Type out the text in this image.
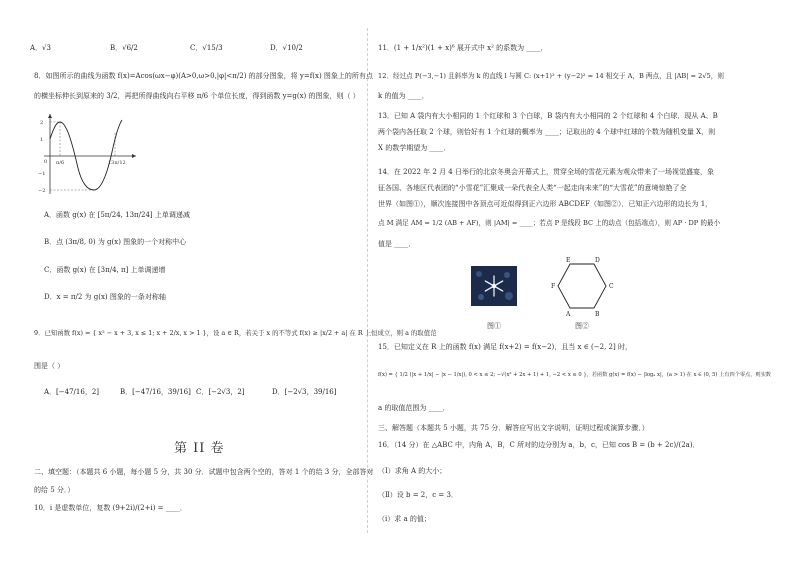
A．√3	B．√6/2	C．√15/3	D．√10/2
8．如图所示的曲线为函数 f(x)=Acos(ωx−φ)(A>0,ω>0,|φ|<π/2) 的部分图象，将 y=f(x) 图象上的所有点
的横坐标伸长到原来的 3/2，再把所得曲线向右平移 π/6 个单位长度，得到函数 y=g(x) 的图象，则（ ）
2
1
0
−1
−2
π/6	13π/12
A．函数 g(x) 在 [5π/24, 13π/24] 上单调递减
B．点 (3π/8, 0) 为 g(x) 图象的一个对称中心
C．函数 g(x) 在 [3π/4, π] 上单调递增
D．x = π/2 为 g(x) 图象的一条对称轴
9．已知函数 f(x) = { x² − x + 3, x ≤ 1; x + 2/x, x > 1 }，设 a ∈ R，若关于 x 的不等式 f(x) ≥ |x/2 + a| 在 R 上恒成立，则 a 的取值范
围是（ ）
A．[−47/16，2]	B．[−47/16，39/16] C．[−2√3，2]	D．[−2√3，39/16]
第 II 卷
二、填空题：（本题共 6 小题，每小题 5 分，共 30 分．试题中包含两个空的，答对 1 个的给 3 分，全部答对
的给 5 分．）
10．i 是虚数单位，复数 (9+2i)/(2+i) = ____．
11．(1 + 1/x²)(1 + x)⁶ 展开式中 x² 的系数为 ____．
12．经过点 P(−3,−1) 且斜率为 k 的直线 l 与圆 C: (x+1)² + (y−2)² = 14 相交于 A，B 两点，且 |AB| = 2√5，则
k 的值为 ____．
13．已知 A 袋内有大小相同的 1 个红球和 3 个白球，B 袋内有大小相同的 2 个红球和 4 个白球．现从 A、B
两个袋内各任取 2 个球，则恰好有 1 个红球的概率为 ____；记取出的 4 个球中红球的个数为随机变量 X，则
X 的数学期望为 ____．
14．在 2022 年 2 月 4 日举行的北京冬奥会开幕式上，贯穿全场的雪花元素为观众带来了一场视觉盛宴，象
征各国、各地区代表团的“小雪花”汇聚成一朵代表全人类“一起走向未来”的“大雪花”的意境惊艳了全
世界（如图①），顺次连接图中各顶点可近似得到正六边形 ABCDEF（如图②）．已知正六边形的边长为 1，
点 M 满足 AM = 1/2 (AB + AF)，则 |AM| = ____；若点 P 是线段 BC 上的动点（包括端点），则 AP · DP 的最小
值是 ____．
图①
E	D
F	C
A	B
图②
15．已知定义在 R 上的函数 f(x) 满足 f(x+2) = f(x−2)，且当 x ∈ (−2, 2] 时，
f(x) = { 1/2 (|x + 1/x| − |x − 1/x|), 0 < x ≤ 2; −√(x² + 2x + 1) + 1, −2 < x ≤ 0 }，若函数 g(x) = f(x) − |logₐ x|，(a > 1) 在 x ∈ (0, 5) 上有四个零点，则实数
a 的取值范围为 ____．
三、解答题（本题共 5 小题，共 75 分．解答应写出文字说明，证明过程或演算步骤．）
16．（14 分）在 △ABC 中，内角 A，B，C 所对的边分别为 a，b，c，已知 cos B = (b + 2c)/(2a)．
（Ⅰ）求角 A 的大小；
（Ⅱ）设 b = 2，c = 3．
（ⅰ）求 a 的值；
